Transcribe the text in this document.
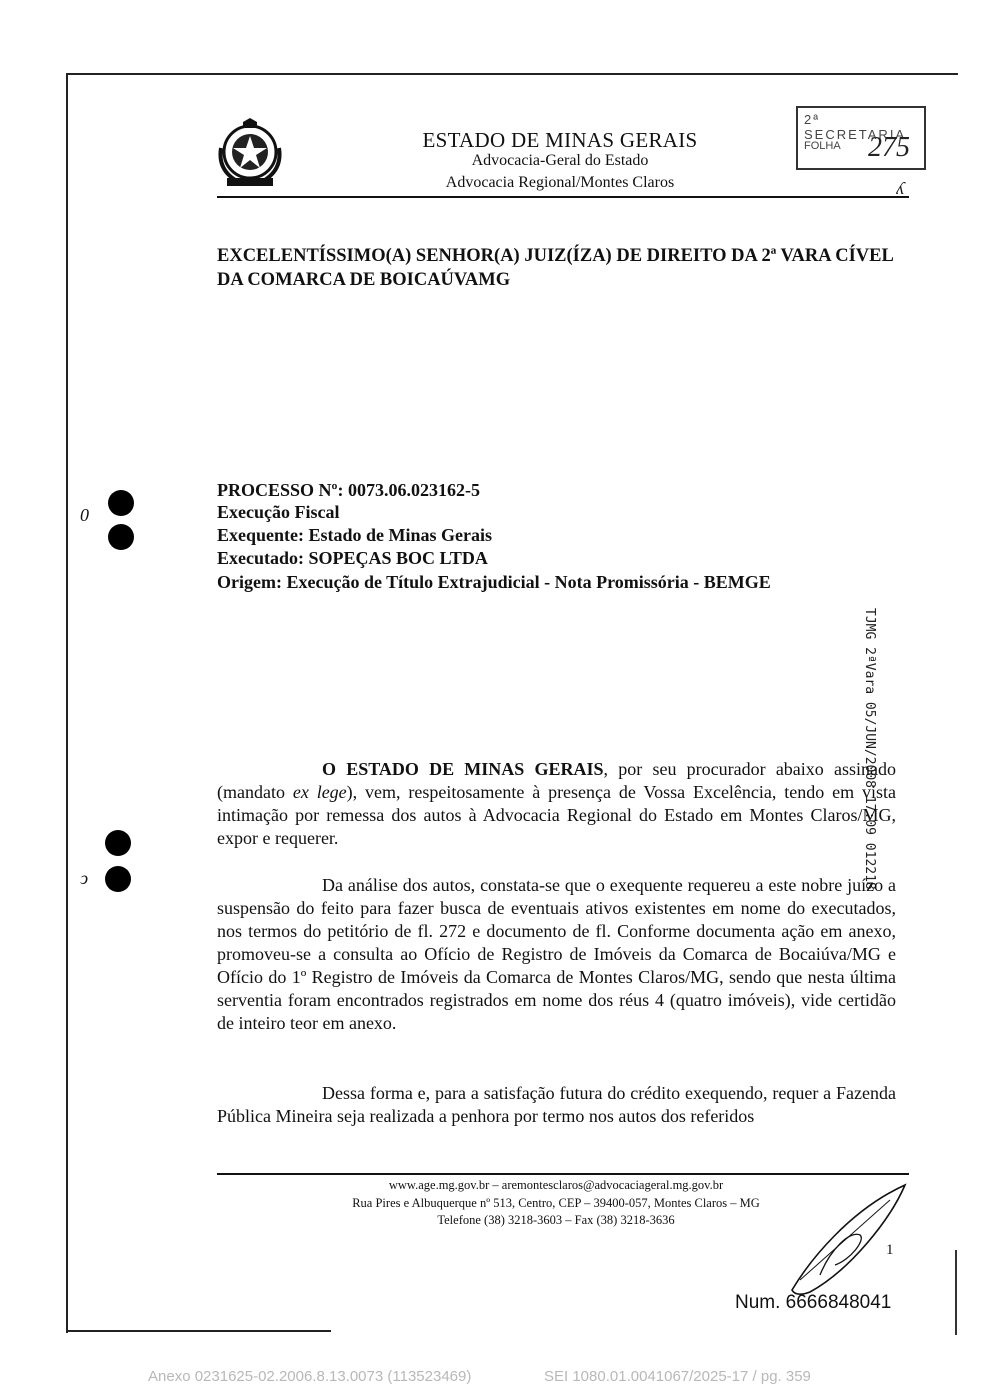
ESTADO DE MINAS GERAIS
Advocacia-Geral do Estado
Advocacia Regional/Montes Claros	ʎ
2ª SECRETARIA
FOLHA 275
EXCELENTÍSSIMO(A) SENHOR(A) JUIZ(ÍZA) DE DIREITO DA 2ª VARA CÍVEL DA COMARCA DE BOICAÚVAMG
PROCESSO Nº: 0073.06.023162-5
Execução Fiscal
Exequente: Estado de Minas Gerais
Executado: SOPEÇAS BOC LTDA
Origem: Execução de Título Extrajudicial - Nota Promissória - BEMGE
0
ↄ	TJMG 2ªVara 05/JUN/2008 17:09 012218
O ESTADO DE MINAS GERAIS, por seu procurador abaixo assinado (mandato ex lege), vem, respeitosamente à presença de Vossa Excelência, tendo em vista intimação por remessa dos autos à Advocacia Regional do Estado em Montes Claros/MG, expor e requerer.
Da análise dos autos, constata-se que o exequente requereu a este nobre juízo a suspensão do feito para fazer busca de eventuais ativos existentes em nome do executados, nos termos do petitório de fl. 272 e documento de fl. Conforme documenta ação em anexo, promoveu-se a consulta ao Ofício de Registro de Imóveis da Comarca de Bocaiúva/MG e Ofício do 1º Registro de Imóveis da Comarca de Montes Claros/MG, sendo que nesta última serventia foram encontrados registrados em nome dos réus 4 (quatro imóveis), vide certidão de inteiro teor em anexo.
Dessa forma e, para a satisfação futura do crédito exequendo, requer a Fazenda Pública Mineira seja realizada a penhora por termo nos autos dos referidos
www.age.mg.gov.br – aremontesclaros@advocaciageral.mg.gov.br
Rua Pires e Albuquerque nº 513, Centro, CEP – 39400-057, Montes Claros – MG
Telefone (38) 3218-3603 – Fax (38) 3218-3636
1
Num. 6666848041
Anexo 0231625-02.2006.8.13.0073 (113523469)	SEI 1080.01.0041067/2025-17 / pg. 359
